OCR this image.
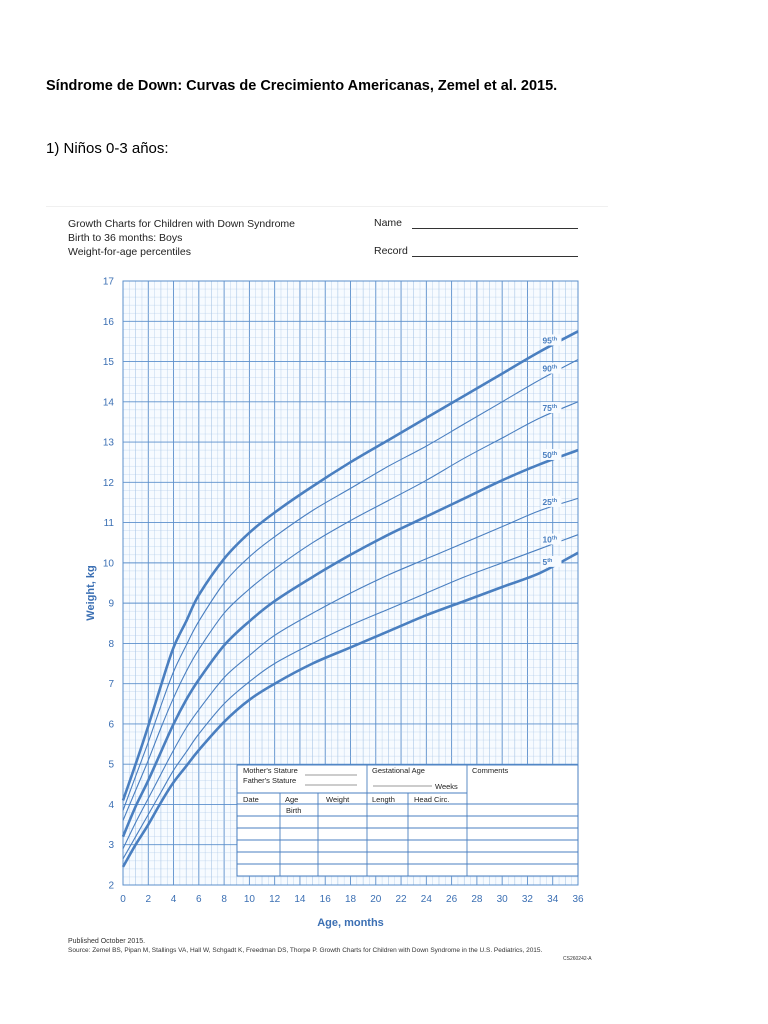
Síndrome de Down: Curvas de Crecimiento Americanas, Zemel et al. 2015.
1) Niños 0-3 años:
Growth Charts for Children with Down Syndrome
Birth to 36 months: Boys
Weight-for-age percentiles
Name
Record
0 2 4 6 8 10 12 14 16 18 20 22 24 26 28 30 32 34 36
2
3
4
5
6
7
8
9
10
11
12
13
14
15
16
17
Age, months
Weight, kg
95th
90th
75th
50th
25th
10th
5th
Mother's Stature
Father's Stature
Gestational Age
Weeks
Comments
Date	Age	Weight	Length	Head Circ.
Birth
Published October 2015.
Source: Zemel BS, Pipan M, Stallings VA, Hall W, Schgadt K, Freedman DS, Thorpe P. Growth Charts for Children with Down Syndrome in the U.S. Pediatrics, 2015.
CS260242-A
